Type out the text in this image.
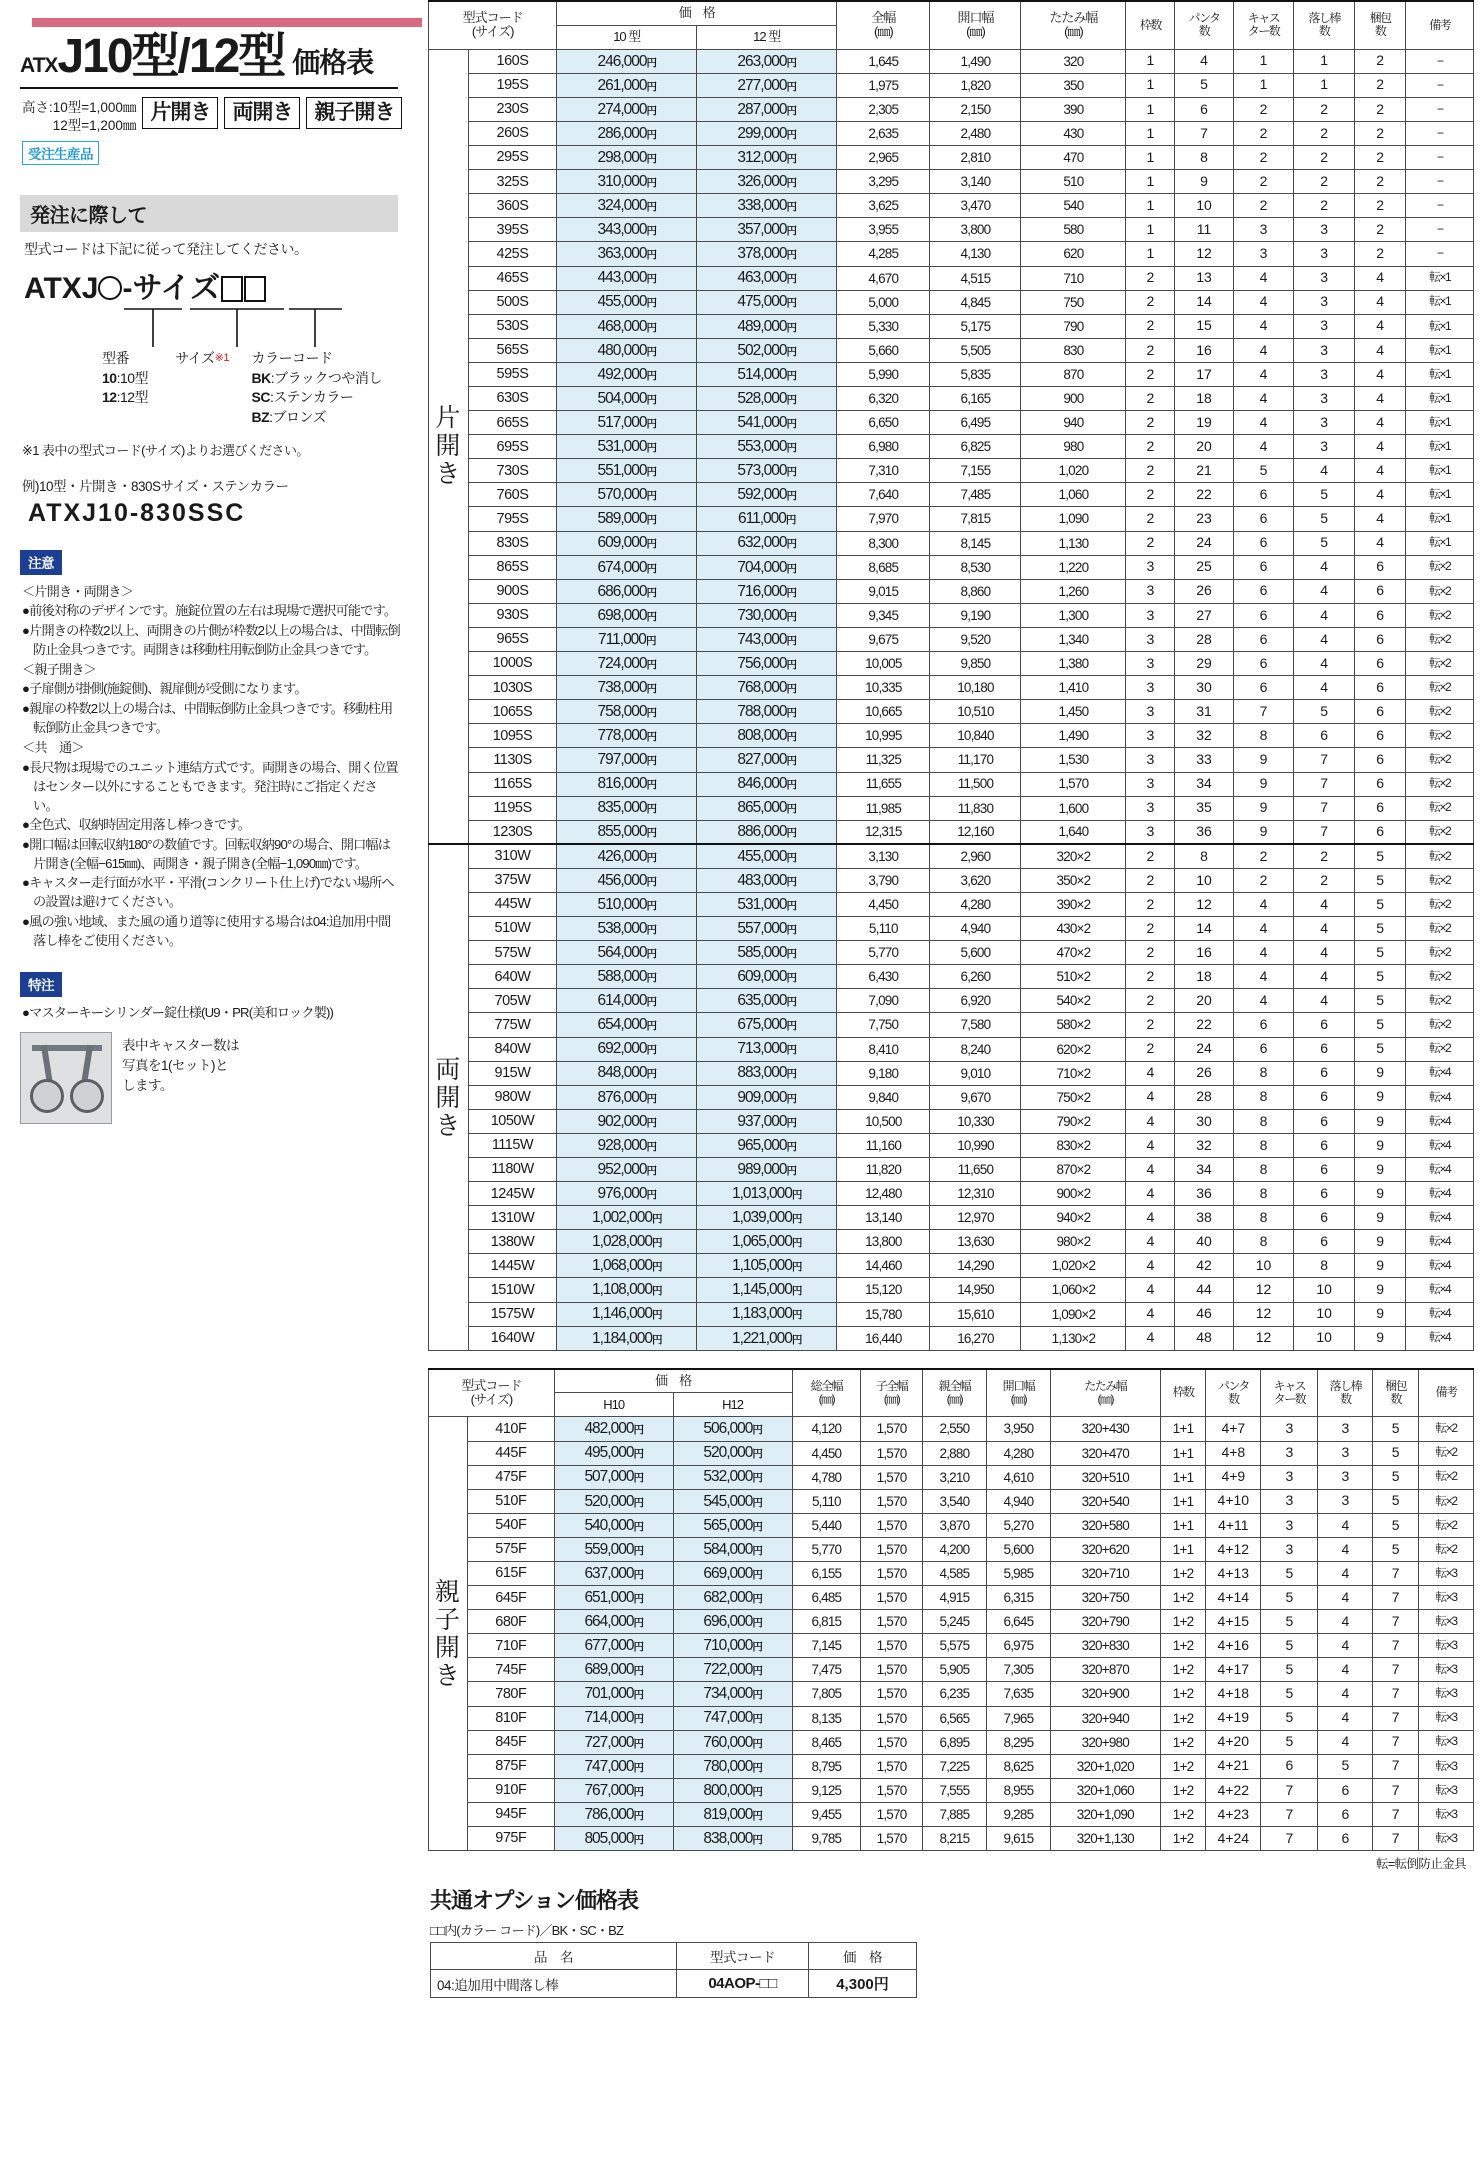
ATX J10型/12型 価格表
高さ:10型=1,000㎜
12型=1,200㎜
片開き	両開き	親子開き
受注生産品
発注に際して
型式コードは下記に従って発注してください。
ATXJ -サイズ
型番
10:10型
12:12型
サイズ※1	カラーコード
BK:ブラックつや消し
SC:ステンカラー
BZ:ブロンズ
※1 表中の型式コード(サイズ)よりお選びください。
例)10型・片開き・830Sサイズ・ステンカラー
ATXJ10-830SSC
注意

＜片開き・両開き＞

●前後対称のデザインです。施錠位置の左右は現場で選択可能です。

●片開きの枠数2以上、両開きの片側が枠数2以上の場合は、中間転倒防止金具つきです。両開きは移動柱用転倒防止金具つきです。

＜親子開き＞

●子扉側が掛側(施錠側)、親扉側が受側になります。

●親扉の枠数2以上の場合は、中間転倒防止金具つきです。移動柱用転倒防止金具つきです。

＜共　通＞

●長尺物は現場でのユニット連結方式です。両開きの場合、開く位置はセンター以外にすることもできます。発注時にご指定ください。

●全色式、収納時固定用落し棒つきです。

●開口幅は回転収納180°の数値です。回転収納90°の場合、開口幅は片開き(全幅−615㎜)、両開き・親子開き(全幅−1,090㎜)です。

●キャスター走行面が水平・平滑(コンクリート仕上げ)でない場所への設置は避けてください。

●風の強い地域、また風の通り道等に使用する場合は04:追加用中間落し棒をご使用ください。

特注

●マスターキーシリンダー錠仕様(U9・PR(美和ロック製))

表中キャスター数は
写真を1(セット)と
します。
型式コード
(サイズ)
	価　格	全幅
(㎜)

開口幅
(㎜)

たたみ幅
(㎜)	枠数	パンタ
数

キャス
ター数

落し棒
数

梱包
数	備考
		10 型	12 型									

片
開
き	160S	246,000円	263,000円	1,645	1,490	320	1	4	1	1	2	−
	195S	261,000円	277,000円	1,975	1,820	350	1	5	1	1	2	−
	230S	274,000円	287,000円	2,305	2,150	390	1	6	2	2	2	−
	260S	286,000円	299,000円	2,635	2,480	430	1	7	2	2	2	−
	295S	298,000円	312,000円	2,965	2,810	470	1	8	2	2	2	−
	325S	310,000円	326,000円	3,295	3,140	510	1	9	2	2	2	−
	360S	324,000円	338,000円	3,625	3,470	540	1	10	2	2	2	−
	395S	343,000円	357,000円	3,955	3,800	580	1	11	3	3	2	−
	425S	363,000円	378,000円	4,285	4,130	620	1	12	3	3	2	−
	465S	443,000円	463,000円	4,670	4,515	710	2	13	4	3	4	転×1
	500S	455,000円	475,000円	5,000	4,845	750	2	14	4	3	4	転×1
	530S	468,000円	489,000円	5,330	5,175	790	2	15	4	3	4	転×1
	565S	480,000円	502,000円	5,660	5,505	830	2	16	4	3	4	転×1
	595S	492,000円	514,000円	5,990	5,835	870	2	17	4	3	4	転×1
	630S	504,000円	528,000円	6,320	6,165	900	2	18	4	3	4	転×1
	665S	517,000円	541,000円	6,650	6,495	940	2	19	4	3	4	転×1
	695S	531,000円	553,000円	6,980	6,825	980	2	20	4	3	4	転×1
	730S	551,000円	573,000円	7,310	7,155	1,020	2	21	5	4	4	転×1
	760S	570,000円	592,000円	7,640	7,485	1,060	2	22	6	5	4	転×1
	795S	589,000円	611,000円	7,970	7,815	1,090	2	23	6	5	4	転×1
	830S	609,000円	632,000円	8,300	8,145	1,130	2	24	6	5	4	転×1
	865S	674,000円	704,000円	8,685	8,530	1,220	3	25	6	4	6	転×2
	900S	686,000円	716,000円	9,015	8,860	1,260	3	26	6	4	6	転×2
	930S	698,000円	730,000円	9,345	9,190	1,300	3	27	6	4	6	転×2
	965S	711,000円	743,000円	9,675	9,520	1,340	3	28	6	4	6	転×2
	1000S	724,000円	756,000円	10,005	9,850	1,380	3	29	6	4	6	転×2
	1030S	738,000円	768,000円	10,335	10,180	1,410	3	30	6	4	6	転×2
	1065S	758,000円	788,000円	10,665	10,510	1,450	3	31	7	5	6	転×2
	1095S	778,000円	808,000円	10,995	10,840	1,490	3	32	8	6	6	転×2
	1130S	797,000円	827,000円	11,325	11,170	1,530	3	33	9	7	6	転×2
	1165S	816,000円	846,000円	11,655	11,500	1,570	3	34	9	7	6	転×2
	1195S	835,000円	865,000円	11,985	11,830	1,600	3	35	9	7	6	転×2
	1230S	855,000円	886,000円	12,315	12,160	1,640	3	36	9	7	6	転×2

両
開
き	310W	426,000円	455,000円	3,130	2,960	320×2	2	8	2	2	5	転×2
	375W	456,000円	483,000円	3,790	3,620	350×2	2	10	2	2	5	転×2
	445W	510,000円	531,000円	4,450	4,280	390×2	2	12	4	4	5	転×2
	510W	538,000円	557,000円	5,110	4,940	430×2	2	14	4	4	5	転×2
	575W	564,000円	585,000円	5,770	5,600	470×2	2	16	4	4	5	転×2
	640W	588,000円	609,000円	6,430	6,260	510×2	2	18	4	4	5	転×2
	705W	614,000円	635,000円	7,090	6,920	540×2	2	20	4	4	5	転×2
	775W	654,000円	675,000円	7,750	7,580	580×2	2	22	6	6	5	転×2
	840W	692,000円	713,000円	8,410	8,240	620×2	2	24	6	6	5	転×2
	915W	848,000円	883,000円	9,180	9,010	710×2	4	26	8	6	9	転×4
	980W	876,000円	909,000円	9,840	9,670	750×2	4	28	8	6	9	転×4
	1050W	902,000円	937,000円	10,500	10,330	790×2	4	30	8	6	9	転×4
	1115W	928,000円	965,000円	11,160	10,990	830×2	4	32	8	6	9	転×4
	1180W	952,000円	989,000円	11,820	11,650	870×2	4	34	8	6	9	転×4
	1245W	976,000円	1,013,000円	12,480	12,310	900×2	4	36	8	6	9	転×4
	1310W	1,002,000円	1,039,000円	13,140	12,970	940×2	4	38	8	6	9	転×4
	1380W	1,028,000円	1,065,000円	13,800	13,630	980×2	4	40	8	6	9	転×4
	1445W	1,068,000円	1,105,000円	14,460	14,290	1,020×2	4	42	10	8	9	転×4
	1510W	1,108,000円	1,145,000円	15,120	14,950	1,060×2	4	44	12	10	9	転×4
	1575W	1,146,000円	1,183,000円	15,780	15,610	1,090×2	4	46	12	10	9	転×4
	1640W	1,184,000円	1,221,000円	16,440	16,270	1,130×2	4	48	12	10	9	転×4
型式コード
(サイズ)
	価　格	総全幅
(㎜)

子全幅
(㎜)

親全幅
(㎜)

開口幅
(㎜)

たたみ幅
(㎜)	枠数	パンタ
数

キャス
ター数

落し棒
数

梱包
数	備考
		H10	H12											

親
子
開
き	410F	482,000円	506,000円	4,120	1,570	2,550	3,950	320+430	1+1	4+7	3	3	5	転×2
	445F	495,000円	520,000円	4,450	1,570	2,880	4,280	320+470	1+1	4+8	3	3	5	転×2
	475F	507,000円	532,000円	4,780	1,570	3,210	4,610	320+510	1+1	4+9	3	3	5	転×2
	510F	520,000円	545,000円	5,110	1,570	3,540	4,940	320+540	1+1	4+10	3	3	5	転×2
	540F	540,000円	565,000円	5,440	1,570	3,870	5,270	320+580	1+1	4+11	3	4	5	転×2
	575F	559,000円	584,000円	5,770	1,570	4,200	5,600	320+620	1+1	4+12	3	4	5	転×2
	615F	637,000円	669,000円	6,155	1,570	4,585	5,985	320+710	1+2	4+13	5	4	7	転×3
	645F	651,000円	682,000円	6,485	1,570	4,915	6,315	320+750	1+2	4+14	5	4	7	転×3
	680F	664,000円	696,000円	6,815	1,570	5,245	6,645	320+790	1+2	4+15	5	4	7	転×3
	710F	677,000円	710,000円	7,145	1,570	5,575	6,975	320+830	1+2	4+16	5	4	7	転×3
	745F	689,000円	722,000円	7,475	1,570	5,905	7,305	320+870	1+2	4+17	5	4	7	転×3
	780F	701,000円	734,000円	7,805	1,570	6,235	7,635	320+900	1+2	4+18	5	4	7	転×3
	810F	714,000円	747,000円	8,135	1,570	6,565	7,965	320+940	1+2	4+19	5	4	7	転×3
	845F	727,000円	760,000円	8,465	1,570	6,895	8,295	320+980	1+2	4+20	5	4	7	転×3
	875F	747,000円	780,000円	8,795	1,570	7,225	8,625	320+1,020	1+2	4+21	6	5	7	転×3
	910F	767,000円	800,000円	9,125	1,570	7,555	8,955	320+1,060	1+2	4+22	7	6	7	転×3
	945F	786,000円	819,000円	9,455	1,570	7,885	9,285	320+1,090	1+2	4+23	7	6	7	転×3
	975F	805,000円	838,000円	9,785	1,570	8,215	9,615	320+1,130	1+2	4+24	7	6	7	転×3
転=転倒防止金具
共通オプション価格表
□□内(カラー コード)／BK・SC・BZ
品　名	型式コード	価　格
04:追加用中間落し棒	04AOP-□□	4,300円
